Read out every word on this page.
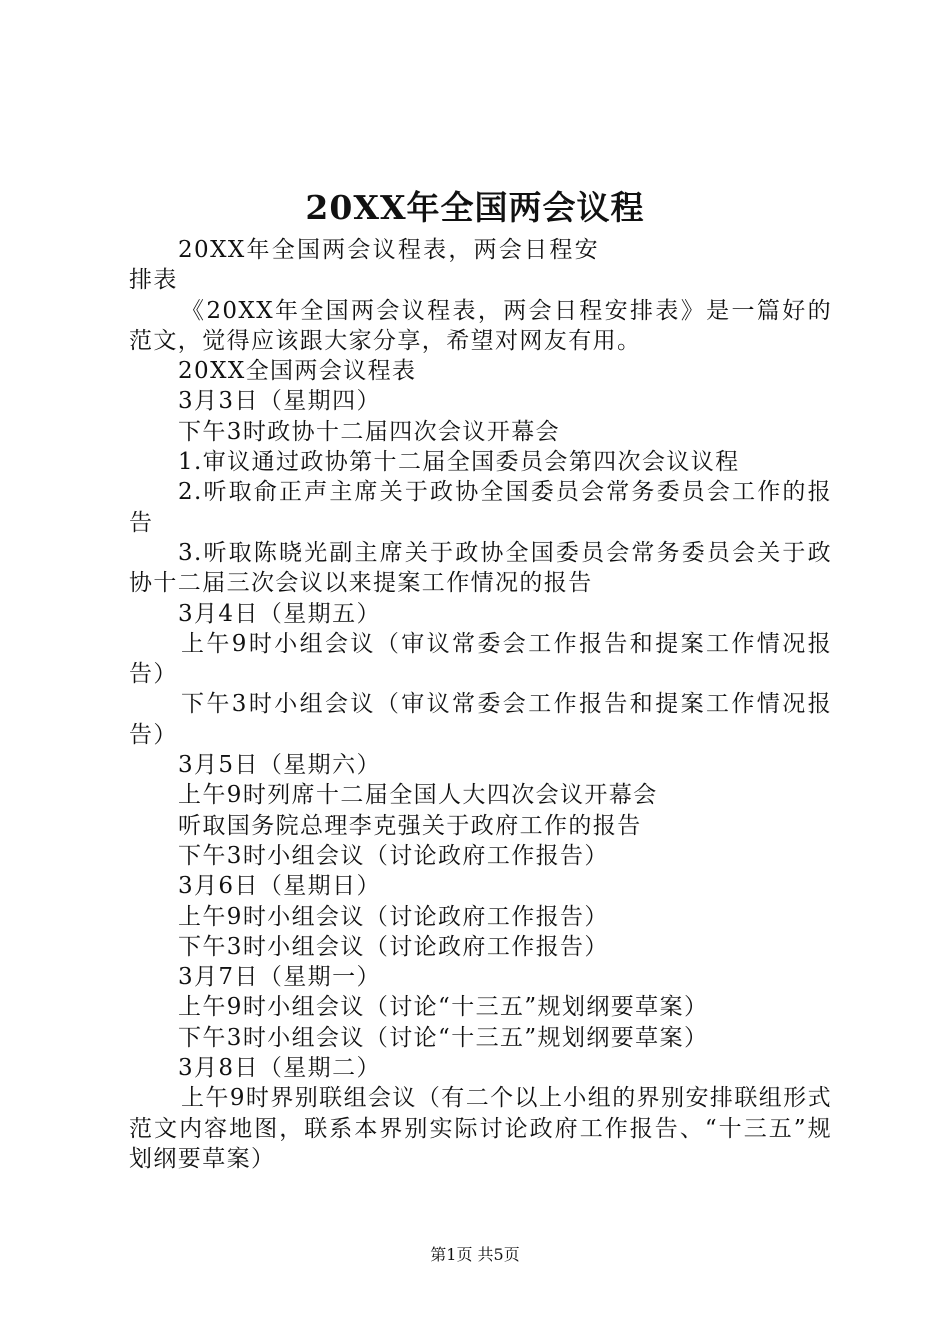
20XX年全国两会议程

20XX年全国两会议程表，两会日程安排表

《20XX年全国两会议程表，两会日程安排表》是一篇好的范文，觉得应该跟大家分享，希望对网友有用。

20XX全国两会议程表

3月3日（星期四）

下午3时政协十二届四次会议开幕会

1.审议通过政协第十二届全国委员会第四次会议议程

2.听取俞正声主席关于政协全国委员会常务委员会工作的报告

3.听取陈晓光副主席关于政协全国委员会常务委员会关于政协十二届三次会议以来提案工作情况的报告

3月4日（星期五）

上午9时小组会议（审议常委会工作报告和提案工作情况报告）

下午3时小组会议（审议常委会工作报告和提案工作情况报告）

3月5日（星期六）

上午9时列席十二届全国人大四次会议开幕会

听取国务院总理李克强关于政府工作的报告

下午3时小组会议（讨论政府工作报告）

3月6日（星期日）

上午9时小组会议（讨论政府工作报告）

下午3时小组会议（讨论政府工作报告）

3月7日（星期一）

上午9时小组会议（讨论“十三五”规划纲要草案）

下午3时小组会议（讨论“十三五”规划纲要草案）

3月8日（星期二）

上午9时界别联组会议（有二个以上小组的界别安排联组形式范文内容地图，联系本界别实际讨论政府工作报告、“十三五”规划纲要草案）

第1页 共5页
